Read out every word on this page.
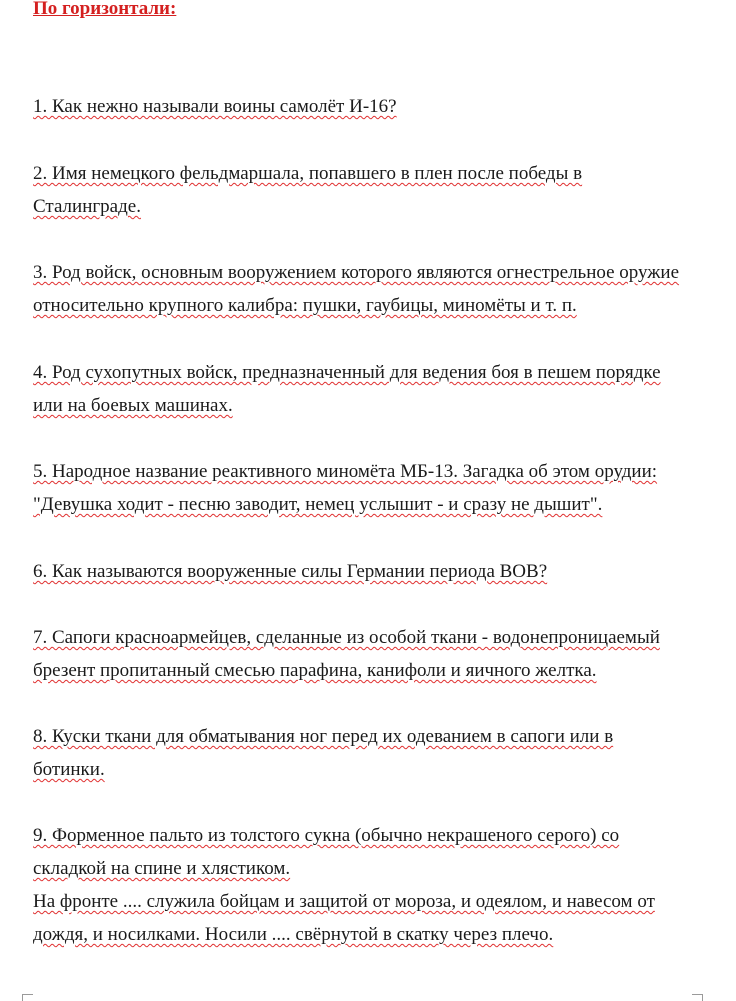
По горизонтали:
1. Как нежно называли воины самолёт И-16?
2. Имя немецкого фельдмаршала, попавшего в плен после победы в
Сталинграде.
3. Род войск, основным вооружением которого являются огнестрельное оружие
относительно крупного калибра: пушки, гаубицы, миномёты и т. п.
4. Род сухопутных войск, предназначенный для ведения боя в пешем порядке
или на боевых машинах.
5. Народное название реактивного миномёта МБ-13. Загадка об этом орудии:
"Девушка ходит - песню заводит, немец услышит - и сразу не дышит".
6. Как называются вооруженные силы Германии периода ВОВ?
7. Сапоги красноармейцев, сделанные из особой ткани - водонепроницаемый
брезент пропитанный смесью парафина, канифоли и яичного желтка.
8. Куски ткани для обматывания ног перед их одеванием в сапоги или в
ботинки.
9. Форменное пальто из толстого сукна (обычно некрашеного серого) со
складкой на спине и хлястиком.
На фронте .... служила бойцам и защитой от мороза, и одеялом, и навесом от
дождя, и носилками. Носили .... свёрнутой в скатку через плечо.
